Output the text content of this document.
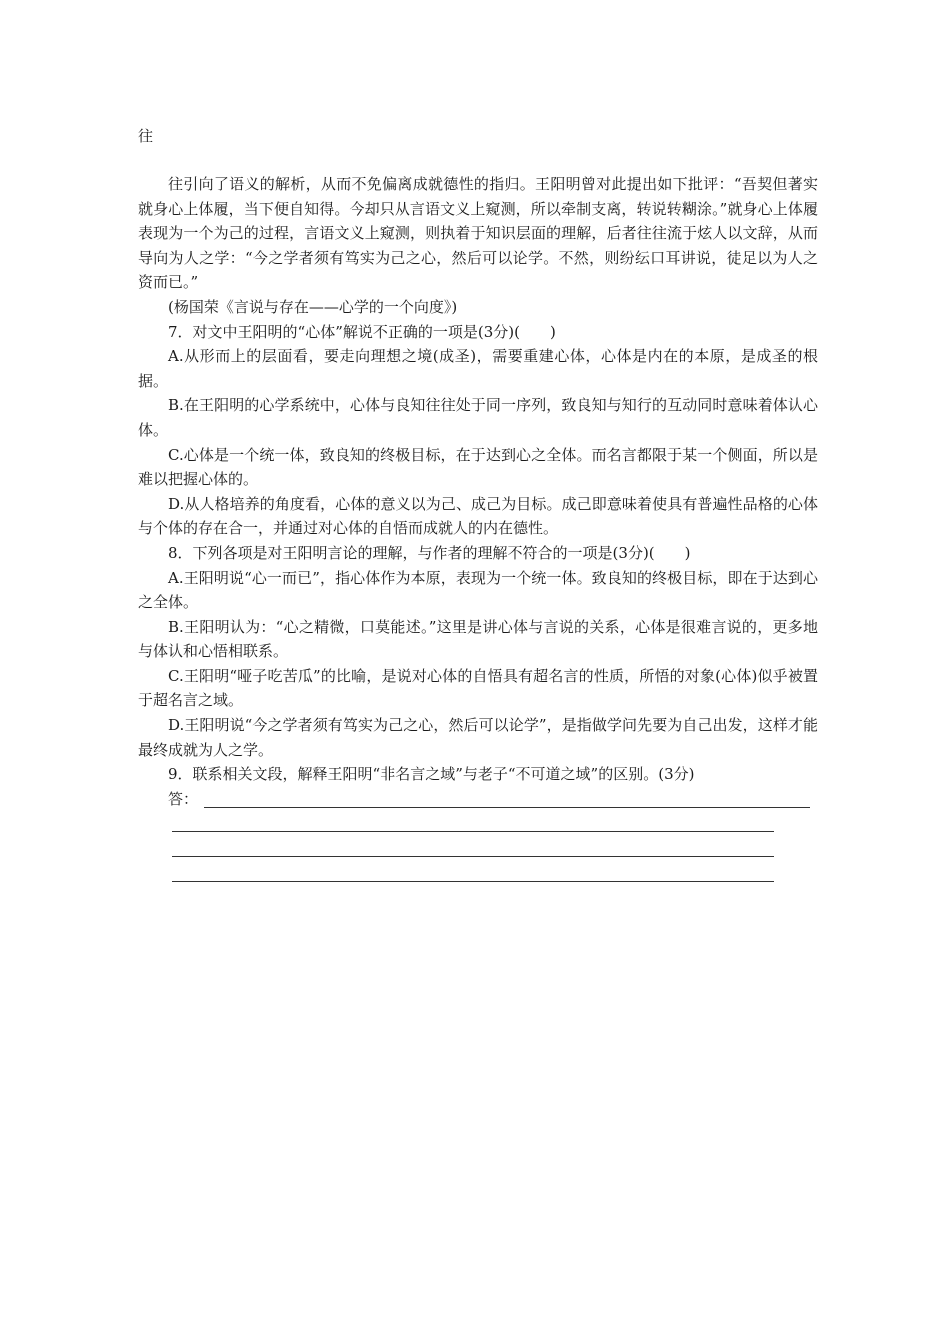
往

往引向了语义的解析，从而不免偏离成就德性的指归。王阳明曾对此提出如下批评：“吾契但著实就身心上体履，当下便自知得。今却只从言语文义上窥测，所以牵制支离，转说转糊涂。”就身心上体履表现为一个为己的过程，言语文义上窥测，则执着于知识层面的理解，后者往往流于炫人以文辞，从而导向为人之学：“今之学者须有笃实为己之心，然后可以论学。不然，则纷纭口耳讲说，徒足以为人之资而已。”

(杨国荣《言说与存在——心学的一个向度》)

7．对文中王阳明的“心体”解说不正确的一项是(3分)(　　)

A.从形而上的层面看，要走向理想之境(成圣)，需要重建心体，心体是内在的本原，是成圣的根据。

B.在王阳明的心学系统中，心体与良知往往处于同一序列，致良知与知行的互动同时意味着体认心体。

C.心体是一个统一体，致良知的终极目标，在于达到心之全体。而名言都限于某一个侧面，所以是难以把握心体的。

D.从人格培养的角度看，心体的意义以为己、成己为目标。成己即意味着使具有普遍性品格的心体与个体的存在合一，并通过对心体的自悟而成就人的内在德性。

8．下列各项是对王阳明言论的理解，与作者的理解不符合的一项是(3分)(　　)

A.王阳明说“心一而已”，指心体作为本原，表现为一个统一体。致良知的终极目标，即在于达到心之全体。

B.王阳明认为：“心之精微，口莫能述。”这里是讲心体与言说的关系，心体是很难言说的，更多地与体认和心悟相联系。

C.王阳明“哑子吃苦瓜”的比喻，是说对心体的自悟具有超名言的性质，所悟的对象(心体)似乎被置于超名言之域。

D.王阳明说“今之学者须有笃实为己之心，然后可以论学”，是指做学问先要为自己出发，这样才能最终成就为人之学。

9．联系相关文段，解释王阳明“非名言之域”与老子“不可道之域”的区别。(3分)

答：
